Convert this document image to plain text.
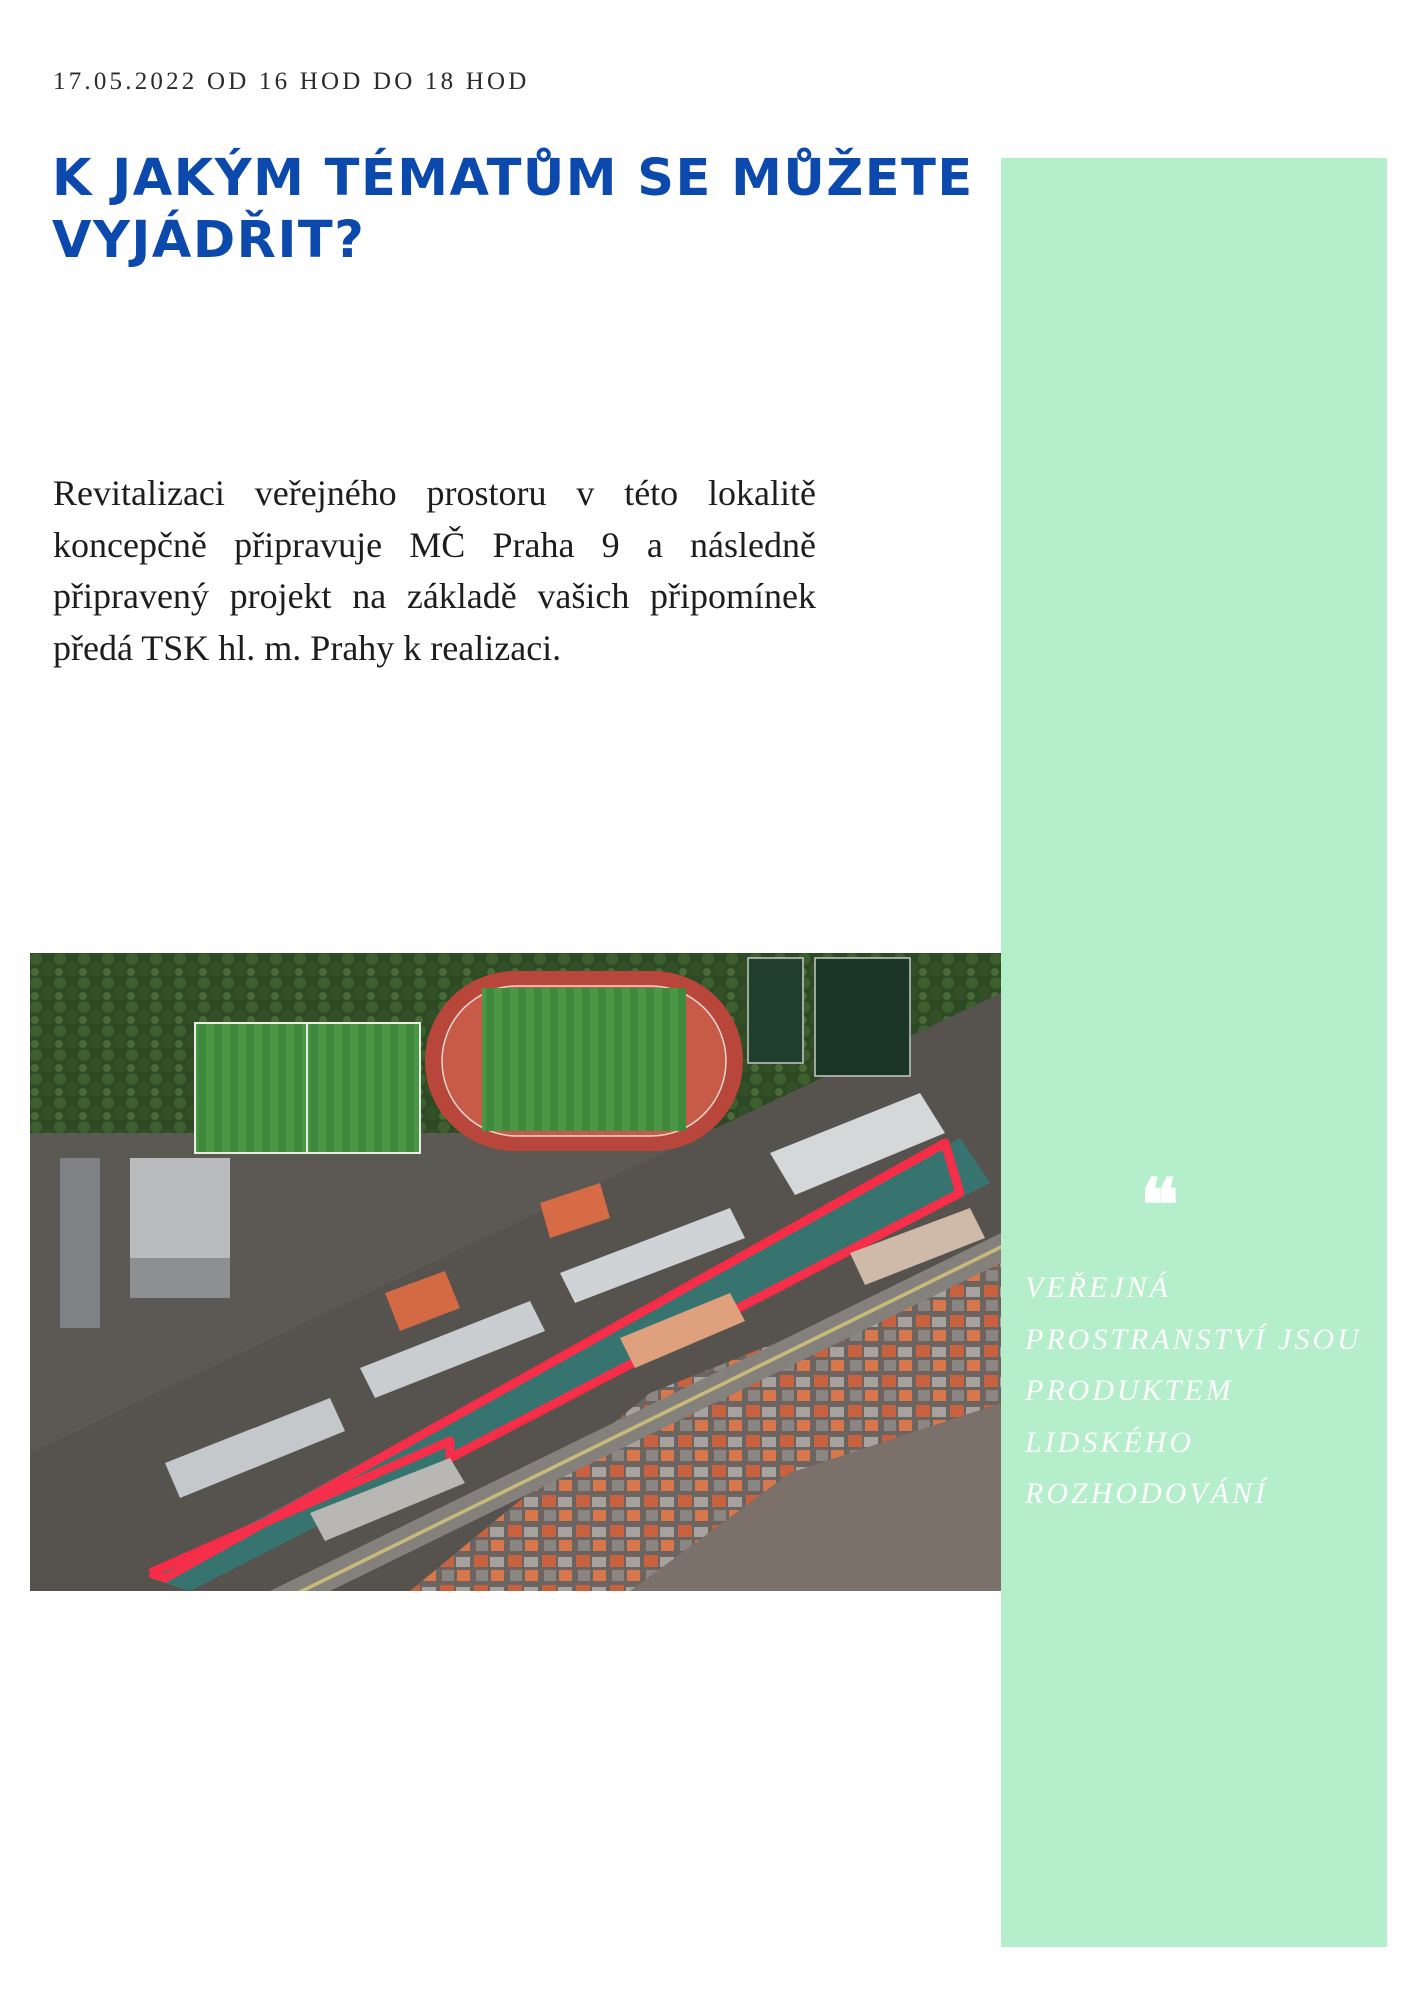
17.05.2022 OD 16 HOD DO 18 HOD
K JAKÝM TÉMATŮM SE MŮŽETE VYJÁDŘIT?

Revitalizaci veřejného prostoru v této lokalitě koncepčně připravuje MČ Praha 9 a následně připravený projekt na základě vašich připomínek předá TSK hl. m. Prahy k realizaci.

❝

VEŘEJNÁ PROSTRANSTVÍ JSOU PRODUKTEM LIDSKÉHO ROZHODOVÁNÍ
